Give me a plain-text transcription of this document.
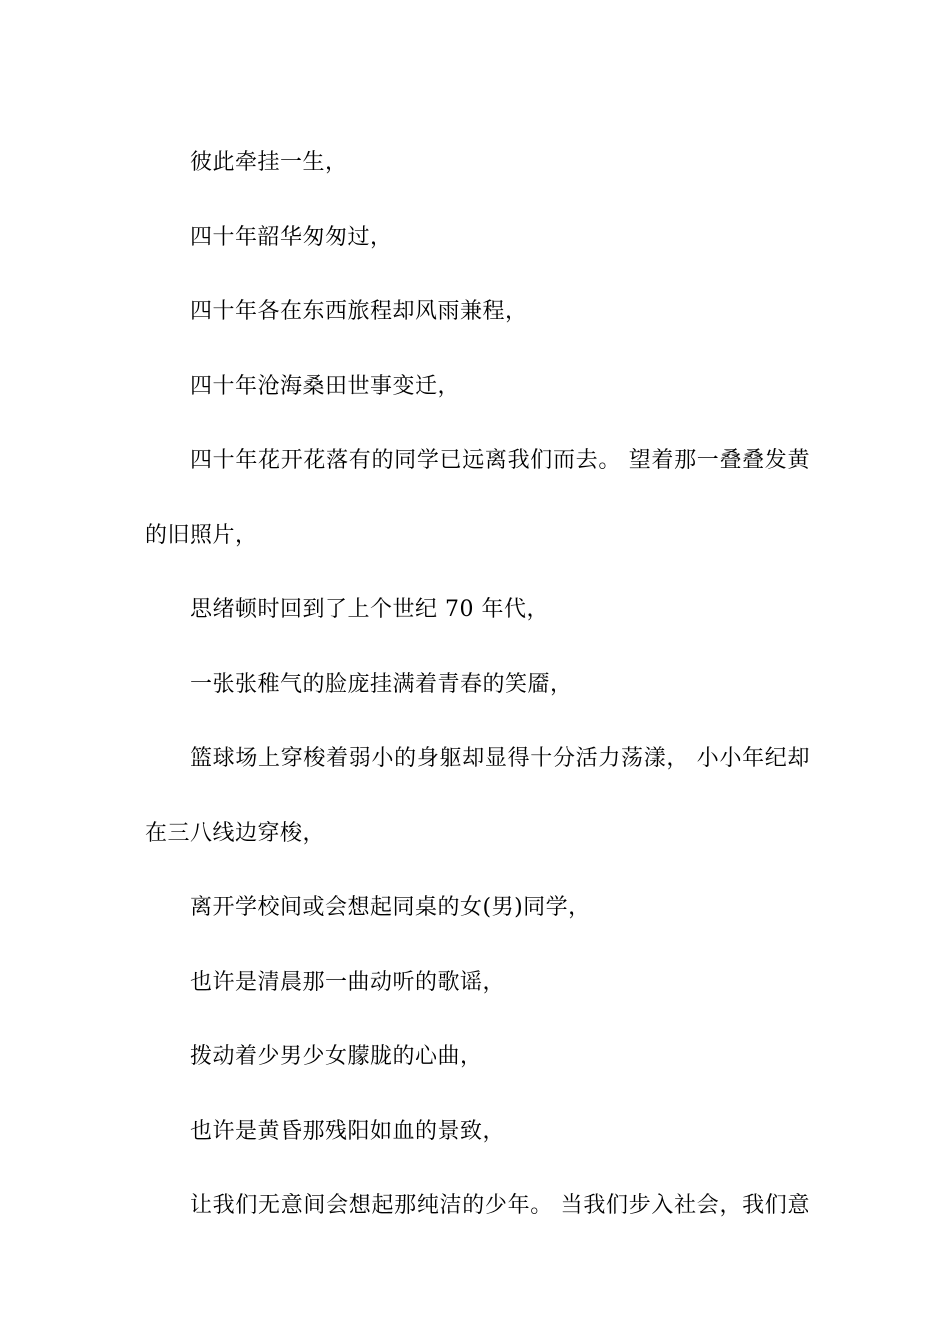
彼此牵挂一生，
四十年韶华匆匆过，
四十年各在东西旅程却风雨兼程，
四十年沧海桑田世事变迁，
四十年花开花落有的同学已远离我们而去。 望着那一叠叠发黄
的旧照片，
思绪顿时回到了上个世纪 70 年代，
一张张稚气的脸庞挂满着青春的笑靥，
篮球场上穿梭着弱小的身躯却显得十分活力荡漾， 小小年纪却
在三八线边穿梭，
离开学校间或会想起同桌的女(男)同学，
也许是清晨那一曲动听的歌谣，
拨动着少男少女朦胧的心曲，
也许是黄昏那残阳如血的景致，
让我们无意间会想起那纯洁的少年。 当我们步入社会，我们意
